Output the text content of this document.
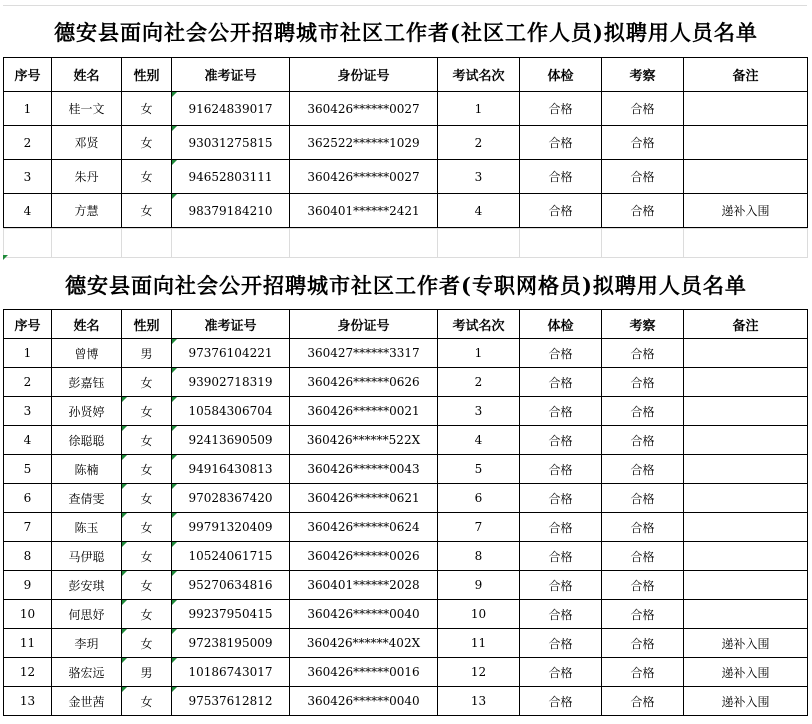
德安县面向社会公开招聘城市社区工作者(社区工作人员)拟聘用人员名单
序号	姓名	性别	准考证号	身份证号	考试名次	体检	考察	备注
1	桂一文	女	91624839017	360426******0027	1	合格	合格	
2	邓贤	女	93031275815	362522******1029	2	合格	合格	
3	朱丹	女	94652803111	360426******0027	3	合格	合格	
4	方慧	女	98379184210	360401******2421	4	合格	合格	递补入围

德安县面向社会公开招聘城市社区工作者(专职网格员)拟聘用人员名单
序号	姓名	性别	准考证号	身份证号	考试名次	体检	考察	备注
1	曾博	男	97376104221	360427******3317	1	合格	合格	
2	彭嘉钰	女	93902718319	360426******0626	2	合格	合格	
3	孙贤婷	女	10584306704	360426******0021	3	合格	合格	
4	徐聪聪	女	92413690509	360426******522X	4	合格	合格	
5	陈楠	女	94916430813	360426******0043	5	合格	合格	
6	查倩雯	女	97028367420	360426******0621	6	合格	合格	
7	陈玉	女	99791320409	360426******0624	7	合格	合格	
8	马伊聪	女	10524061715	360426******0026	8	合格	合格	
9	彭安琪	女	95270634816	360401******2028	9	合格	合格	
10	何思妤	女	99237950415	360426******0040	10	合格	合格	
11	李玥	女	97238195009	360426******402X	11	合格	合格	递补入围
12	骆宏远	男	10186743017	360426******0016	12	合格	合格	递补入围
13	金世茜	女	97537612812	360426******0040	13	合格	合格	递补入围
